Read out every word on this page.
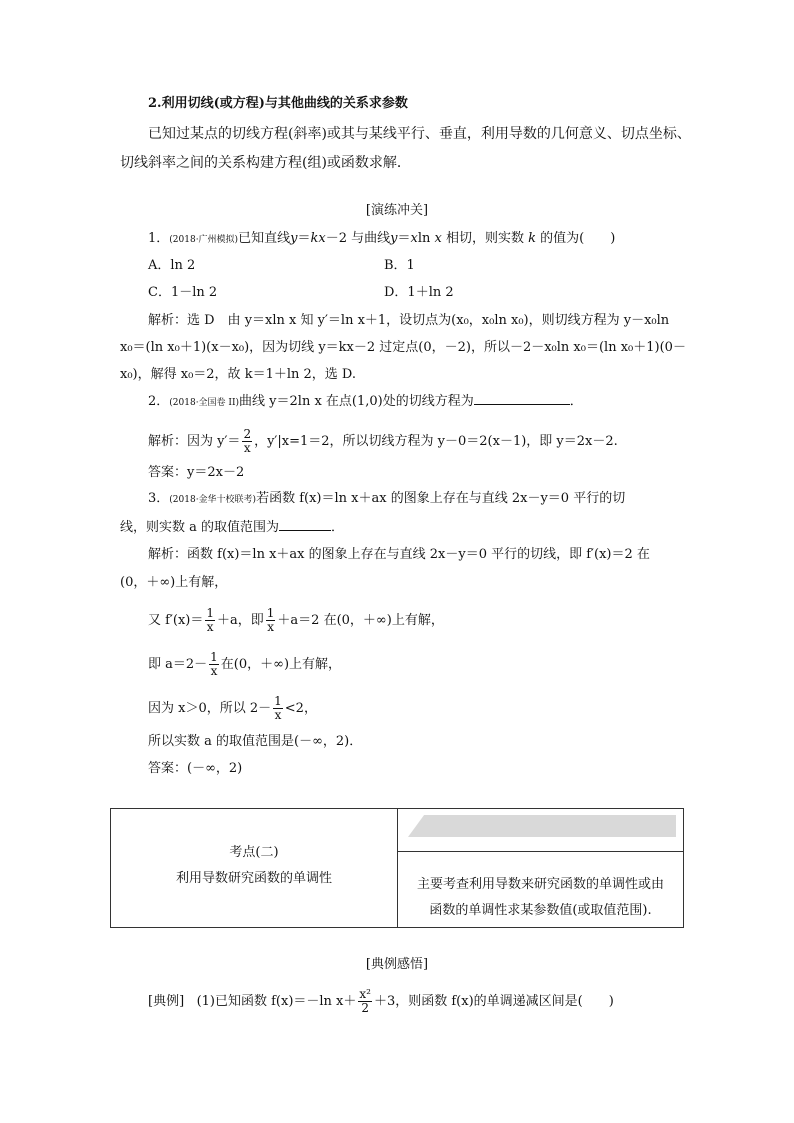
2.利用切线(或方程)与其他曲线的关系求参数
已知过某点的切线方程(斜率)或其与某线平行、垂直，利用导数的几何意义、切点坐标、
切线斜率之间的关系构建方程(组)或函数求解．
[演练冲关]
1．(2018·广州模拟)已知直线y＝kx－2 与曲线y＝xln x 相切，则实数 k 的值为(　　)
A．ln 2	B．1
C．1－ln 2	D．1＋ln 2
解析：选 D　由 y＝xln x 知 y′＝ln x＋1，设切点为(x₀，x₀ln x₀)，则切线方程为 y－x₀ln
x₀＝(ln x₀＋1)(x－x₀)，因为切线 y＝kx－2 过定点(0，－2)，所以－2－x₀ln x₀＝(ln x₀＋1)(0－
x₀)，解得 x₀＝2，故 k＝1＋ln 2，选 D.
2．(2018·全国卷 II)曲线 y＝2ln x 在点(1,0)处的切线方程为	．
解析：因为 $y'= \frac{2}{x}$ ，y′|x=1＝2，所以切线方程为 y－0＝2(x－1)，即 y＝2x－2.
答案：y＝2x－2
3．(2018·金华十校联考)若函数 f(x)＝ln x＋ax 的图象上存在与直线 2x－y＝0 平行的切
线，则实数 a 的取值范围为	．
解析：函数 f(x)＝ln x＋ax 的图象上存在与直线 2x－y＝0 平行的切线，即 f′(x)＝2 在
(0，＋∞)上有解，
又 $f'(x)= \frac{1}{x} +a$，即 $\frac{1}{x} +a=2$ 在(0，＋∞)上有解，
即 $a=2- \frac{1}{x}$ 在(0，＋∞)上有解，
因为 x＞0，所以 $2- \frac{1}{x} <2$，
所以实数 a 的取值范围是(－∞，2)．
答案：(－∞，2)
考点(二)
利用导数研究函数的单调性	主要考查利用导数来研究函数的单调性或由
函数的单调性求某参数值(或取值范围).
[典例感悟]
[典例] (1)已知函数 f(x)＝－ln $x+ \frac{\text{x²}}{2} +3$，则函数 f(x)的单调递减区间是(　　)
